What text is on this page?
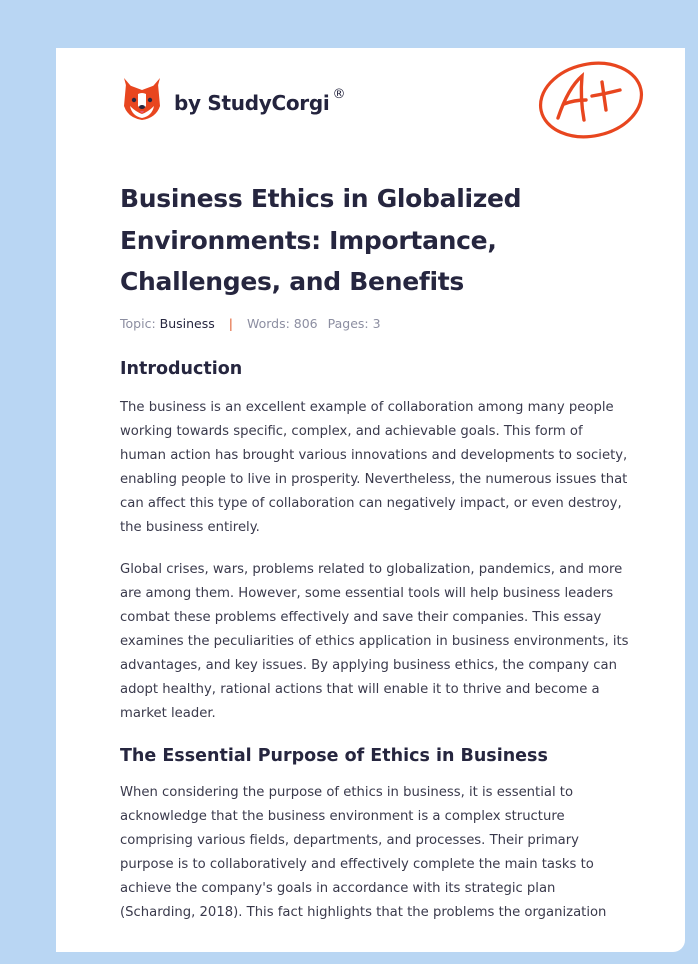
by StudyCorgi ®
Business Ethics in Globalized Environments: Importance, Challenges, and Benefits
Topic: Business | Words: 806 Pages: 3
Introduction

The business is an excellent example of collaboration among many people working towards specific, complex, and achievable goals. This form of human action has brought various innovations and developments to society, enabling people to live in prosperity. Nevertheless, the numerous issues that can affect this type of collaboration can negatively impact, or even destroy, the business entirely.

Global crises, wars, problems related to globalization, pandemics, and more are among them. However, some essential tools will help business leaders combat these problems effectively and save their companies. This essay examines the peculiarities of ethics application in business environments, its advantages, and key issues. By applying business ethics, the company can adopt healthy, rational actions that will enable it to thrive and become a market leader.

The Essential Purpose of Ethics in Business

When considering the purpose of ethics in business, it is essential to acknowledge that the business environment is a complex structure comprising various fields, departments, and processes. Their primary purpose is to collaboratively and effectively complete the main tasks to achieve the company's goals in accordance with its strategic plan (Scharding, 2018). This fact highlights that the problems the organization
